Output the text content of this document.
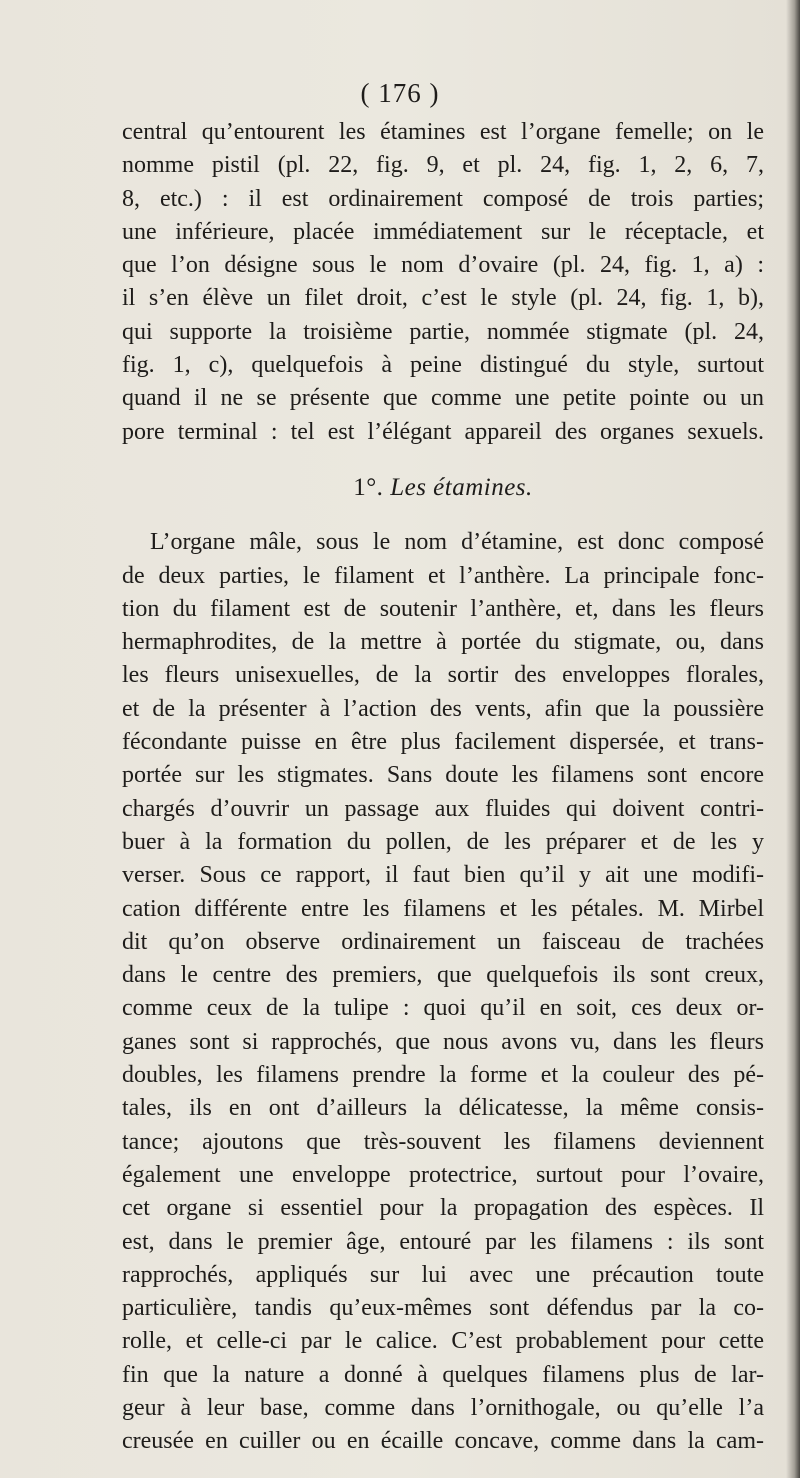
( 176 )
central qu’entourent les étamines est l’organe femelle; on le
nomme pistil (pl. 22, fig. 9, et pl. 24, fig. 1, 2, 6, 7,
8, etc.) : il est ordinairement composé de trois parties;
une inférieure, placée immédiatement sur le réceptacle, et
que l’on désigne sous le nom d’ovaire (pl. 24, fig. 1, a) :
il s’en élève un filet droit, c’est le style (pl. 24, fig. 1, b),
qui supporte la troisième partie, nommée stigmate (pl. 24,
fig. 1, c), quelquefois à peine distingué du style, surtout
quand il ne se présente que comme une petite pointe ou un
pore terminal : tel est l’élégant appareil des organes sexuels.
1°. Les étamines.
L’organe mâle, sous le nom d’étamine, est donc composé
de deux parties, le filament et l’anthère. La principale fonc-
tion du filament est de soutenir l’anthère, et, dans les fleurs
hermaphrodites, de la mettre à portée du stigmate, ou, dans
les fleurs unisexuelles, de la sortir des enveloppes florales,
et de la présenter à l’action des vents, afin que la poussière
fécondante puisse en être plus facilement dispersée, et trans-
portée sur les stigmates. Sans doute les filamens sont encore
chargés d’ouvrir un passage aux fluides qui doivent contri-
buer à la formation du pollen, de les préparer et de les y
verser. Sous ce rapport, il faut bien qu’il y ait une modifi-
cation différente entre les filamens et les pétales. M. Mirbel
dit qu’on observe ordinairement un faisceau de trachées
dans le centre des premiers, que quelquefois ils sont creux,
comme ceux de la tulipe : quoi qu’il en soit, ces deux or-
ganes sont si rapprochés, que nous avons vu, dans les fleurs
doubles, les filamens prendre la forme et la couleur des pé-
tales, ils en ont d’ailleurs la délicatesse, la même consis-
tance; ajoutons que très-souvent les filamens deviennent
également une enveloppe protectrice, surtout pour l’ovaire,
cet organe si essentiel pour la propagation des espèces. Il
est, dans le premier âge, entouré par les filamens : ils sont
rapprochés, appliqués sur lui avec une précaution toute
particulière, tandis qu’eux-mêmes sont défendus par la co-
rolle, et celle-ci par le calice. C’est probablement pour cette
fin que la nature a donné à quelques filamens plus de lar-
geur à leur base, comme dans l’ornithogale, ou qu’elle l’a
creusée en cuiller ou en écaille concave, comme dans la cam-
